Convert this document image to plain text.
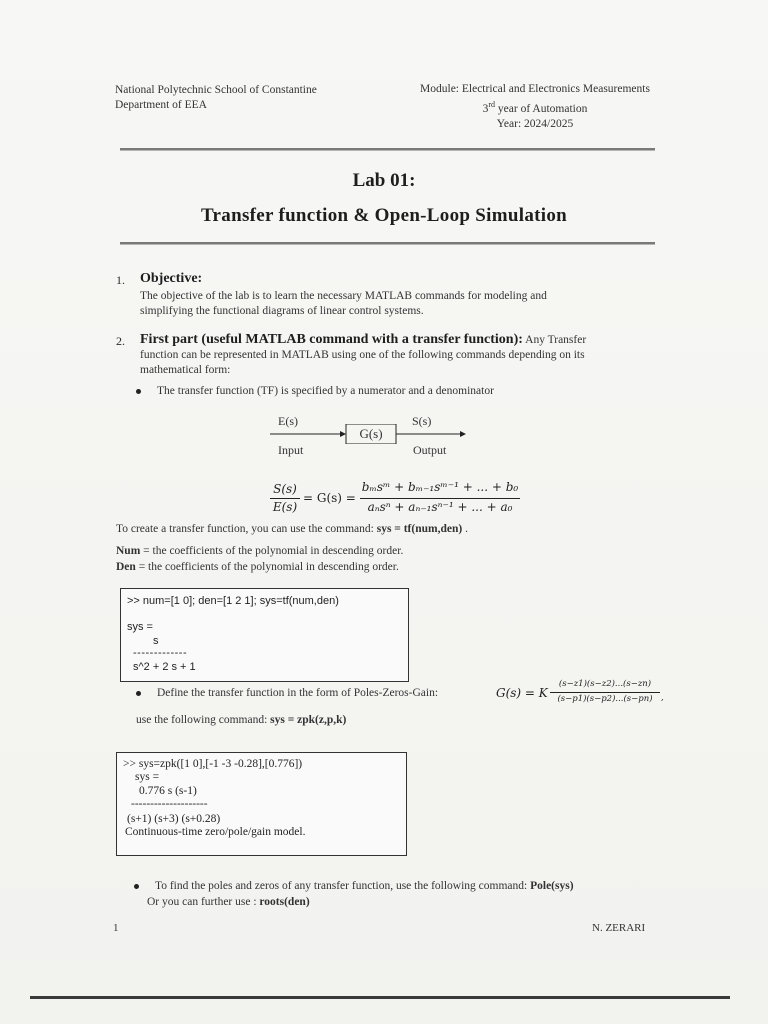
National Polytechnic School of Constantine
Department of EEA
Module: Electrical and Electronics Measurements
3rd year of Automation
Year: 2024/2025
Lab 01:
Transfer function & Open-Loop Simulation
1. Objective:
The objective of the lab is to learn the necessary MATLAB commands for modeling and
simplifying the functional diagrams of linear control systems.
2. First part (useful MATLAB command with a transfer function): Any Transfer
function can be represented in MATLAB using one of the following commands depending on its
mathematical form:
The transfer function (TF) is specified by a numerator and a denominator
E(s)
Input
G(s)
S(s)
Output
S(s)
E(s)
= G(s) =
bₘsᵐ + bₘ₋₁sᵐ⁻¹ + ... + b₀
aₙsⁿ + aₙ₋₁sⁿ⁻¹ + ... + a₀
To create a transfer function, you can use the command: sys = tf(num,den) .
Num = the coefficients of the polynomial in descending order.
Den = the coefficients of the polynomial in descending order.
>> num=[1 0]; den=[1 2 1]; sys=tf(num,den)
sys =
s
-------------
s^2 + 2 s + 1
Define the transfer function in the form of Poles-Zeros-Gain:	G(s) = K
(s−z1)(s−z2)...(s−zn)
(s−p1)(s−p2)...(s−pn) ,
use the following command: sys = zpk(z,p,k)
>> sys=zpk([1 0],[-1 -3 -0.28],[0.776])
sys =
0.776 s (s-1)
--------------------
(s+1) (s+3) (s+0.28)
Continuous-time zero/pole/gain model.
To find the poles and zeros of any transfer function, use the following command: Pole(sys)
Or you can further use : roots(den)
1	N. ZERARI
